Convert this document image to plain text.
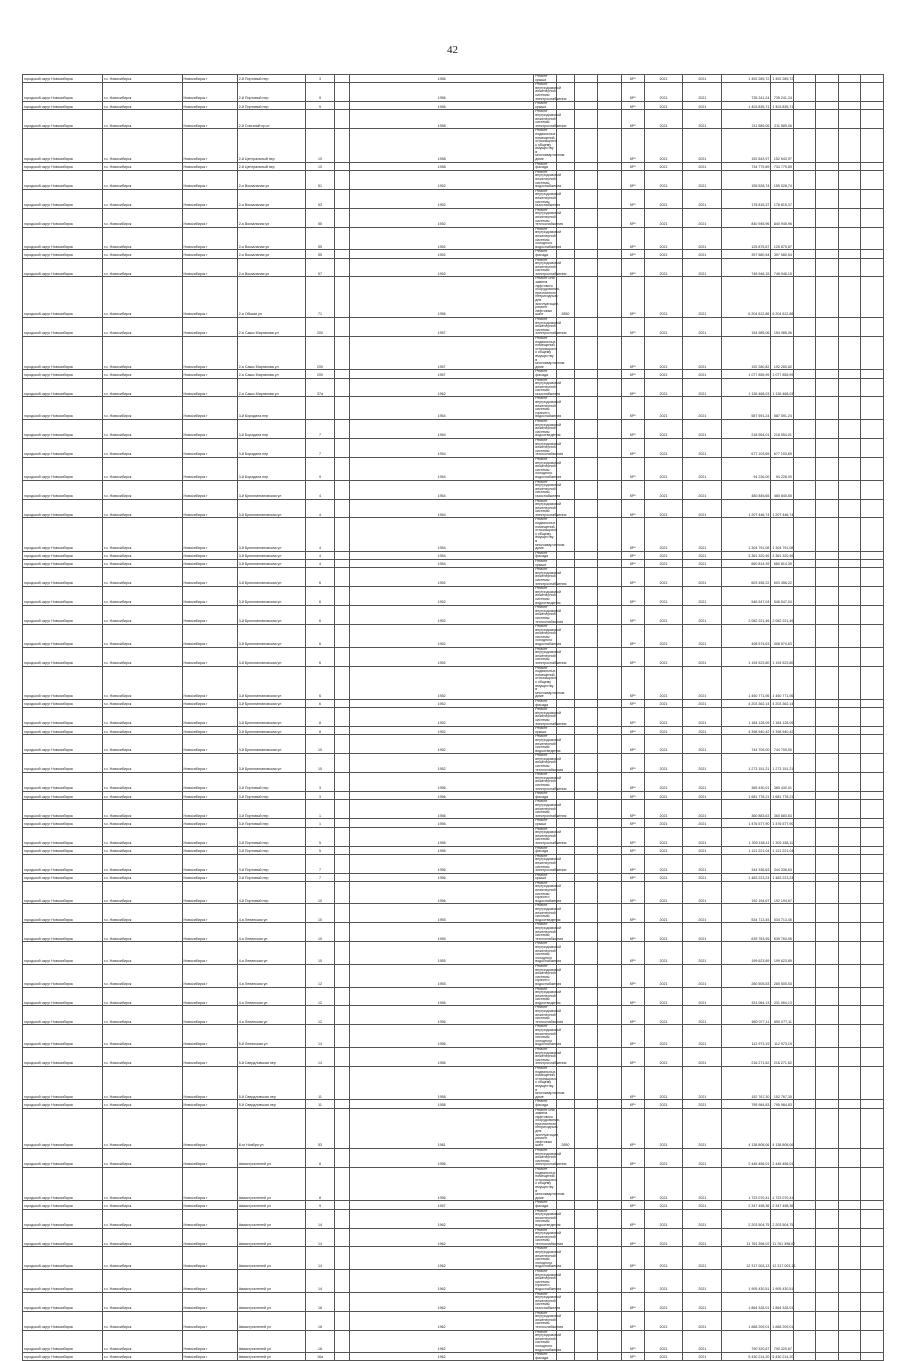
42
городской округ Новосибирск	г.о. Новосибирск	Новосибирск г	2-й Портовый пер	3		1956	Ремонт крыши				КР*	2021	2021	1 492 289,72	1 492 289,72				
городской округ Новосибирск	г.о. Новосибирск	Новосибирск г	2-й Портовый пер	9		1956	Ремонт внутридомовой инженерной системы электроснабжения				КР*	2021	2021	735 241,24	735 241,24				
городской округ Новосибирск	г.о. Новосибирск	Новосибирск г	2-й Портовый пер	9		1956	Ремонт крыши				КР*	2021	2021	1 403 835,71	1 403 835,71				
городской округ Новосибирск	г.о. Новосибирск	Новосибирск г	2-й Союзный пр-кт			1958	Ремонт внутридомовой инженерной системы электроснабжения				КР*	2021	2021	211 589,06	211 589,06				
городской округ Новосибирск	г.о. Новосибирск	Новосибирск г	2-й Центральный пер	10		1958	Ремонт подвальных помещений, относящихся к общему имуществу в многоквартирном доме				КР*	2021	2021	152 643,97	152 643,97				
городской округ Новосибирск	г.о. Новосибирск	Новосибирск г	2-й Центральный пер	10		1958	Ремонт фасада				КР*	2021	2021	734 779,89	734 779,89				
городской округ Новосибирск	г.о. Новосибирск	Новосибирск г	2-я Вокзальная ул	51		1952	Ремонт внутридомовой инженерной системы водоснабжения				КР*	2021	2021	155 528,74	155 528,74				
городской округ Новосибирск	г.о. Новосибирск	Новосибирск г	2-я Вокзальная ул	53		1952	Ремонт внутридомовой инженерной системы газоснабжения				КР*	2021	2021	178 815,37	178 815,37				
городской округ Новосибирск	г.о. Новосибирск	Новосибирск г	2-я Вокзальная ул	55		1952	Ремонт внутридомовой инженерной системы теплоснабжения				КР*	2021	2021	840 945,96	840 945,96				
городской округ Новосибирск	г.о. Новосибирск	Новосибирск г	2-я Вокзальная ул	55		1952	Ремонт внутридомовой инженерной системы холодного водоснабжения				КР*	2021	2021	125 875,87	125 875,87				
городской округ Новосибирск	г.о. Новосибирск	Новосибирск г	2-я Вокзальная ул	55		1952	Ремонт фасада				КР*	2021	2021	397 580,54	397 580,54				
городской округ Новосибирск	г.о. Новосибирск	Новосибирск г	2-я Вокзальная ул	57		1952	Ремонт внутридомовой инженерной системы электроснабжения				КР*	2021	2021	748 946,15	748 946,15				
городской округ Новосибирск	г.о. Новосибирск	Новосибирск г	2-я Обская ул	71		1956	Ремонт или замена лифтового оборудования, признанного непригодным для эксплуатации, ремонт лифтовых шахт	2850			КР*	2021	2021	6 204 512,86	6 204 512,86				
городской округ Новосибирск	г.о. Новосибирск	Новосибирск г	2-я Сакко Марганова ул	200		1957	Ремонт внутридомовой инженерной системы электроснабжения				КР*	2021	2021	154 985,06	154 985,06				
городской округ Новосибирск	г.о. Новосибирск	Новосибирск г	2-я Сакко Марганова ул	200		1957	Ремонт подвальных помещений, относящихся к общему имуществу в многоквартирном доме				КР*	2021	2021	192 280,82	192 280,82				
городской округ Новосибирск	г.о. Новосибирск	Новосибирск г	2-я Сакко Марганова ул	200		1957	Ремонт фасада				КР*	2021	2021	1 077 855,99	1 077 855,99				
городской округ Новосибирск	г.о. Новосибирск	Новосибирск г	2-я Сакко Марганова ул	37а		1962	Ремонт внутридомовой инженерной системы газоснабжения				КР*	2021	2021	1 136 468,03	1 136 468,03				
городской округ Новосибирск	г.о. Новосибирск	Новосибирск г	3-й Бородина пер			1954	Ремонт внутридомовой инженерной системы горячего водоснабжения				КР*	2021	2021	587 591,24	587 591,24				
городской округ Новосибирск	г.о. Новосибирск	Новосибирск г	3-й Бородина пер	7		1954	Ремонт внутридомовой инженерной системы водоотведения				КР*	2021	2021	218 954,01	218 954,01				
городской округ Новосибирск	г.о. Новосибирск	Новосибирск г	3-й Бородина пер	7		1954	Ремонт внутридомовой инженерной системы теплоснабжения				КР*	2021	2021	677 103,69	677 103,69				
городской округ Новосибирск	г.о. Новосибирск	Новосибирск г	3-й Бородина пер	9		1954	Ремонт внутридомовой инженерной системы холодного водоснабжения				КР*	2021	2021	94 226,00	94 226,00				
городской округ Новосибирск	г.о. Новосибирск	Новосибирск г	3-й Брюллингановская ул	4		1954	Ремонт внутридомовой инженерной системы газоснабжения				КР*	2021	2021	480 845,65	480 845,65				
городской округ Новосибирск	г.о. Новосибирск	Новосибирск г	3-й Брюллингановская ул	4		1954	Ремонт внутридомовой инженерной системы электроснабжения				КР*	2021	2021	1 207 446,74	1 207 446,74				
городской округ Новосибирск	г.о. Новосибирск	Новосибирск г	3-й Брюллингановская ул	4		1954	Ремонт подвальных помещений, относящихся к общему имуществу в многоквартирном доме				КР*	2021	2021	1 304 791,08	1 304 791,08				
городской округ Новосибирск	г.о. Новосибирск	Новосибирск г	3-й Брюллингановская ул	4		1954	Ремонт фасада				КР*	2021	2021	3 361 320,46	3 361 320,46				
городской округ Новосибирск	г.о. Новосибирск	Новосибирск г	3-й Брюллингановская ул	4		1954	Ремонт крыши				КР*	2021	2021	660 814,39	660 814,39				
городской округ Новосибирск	г.о. Новосибирск	Новосибирск г	3-й Брюллингановская ул	6		1952	Ремонт внутридомовой инженерной системы электроснабжения				КР*	2021	2021	603 456,22	603 456,22				
городской округ Новосибирск	г.о. Новосибирск	Новосибирск г	3-й Брюллингановская ул	6		1952	Ремонт внутридомовой инженерной системы водоотведения				КР*	2021	2021	546 547,04	546 547,04				
городской округ Новосибирск	г.о. Новосибирск	Новосибирск г	3-й Брюллингановская ул	6		1952	Ремонт внутридомовой инженерной системы теплоснабжения				КР*	2021	2021	2 082 221,46	2 082 221,46				
городской округ Новосибирск	г.о. Новосибирск	Новосибирск г	3-й Брюллингановская ул	6		1952	Ремонт внутридомовой инженерной системы холодного водоснабжения				КР*	2021	2021	408 574,63	408 574,63				
городской округ Новосибирск	г.о. Новосибирск	Новосибирск г	3-й Брюллингановская ул	6		1952	Ремонт внутридомовой инженерной системы электроснабжения				КР*	2021	2021	1 194 523,80	1 194 523,80				
городской округ Новосибирск	г.о. Новосибирск	Новосибирск г	3-й Брюллингановская ул	6		1952	Ремонт подвальных помещений, относящихся к общему имуществу в многоквартирном доме				КР*	2021	2021	1 450 771,06	1 450 771,06				
городской округ Новосибирск	г.о. Новосибирск	Новосибирск г	3-й Брюллингановская ул	6		1952	Ремонт фасада				КР*	2021	2021	4 203 362,14	4 203 362,14				
городской округ Новосибирск	г.о. Новосибирск	Новосибирск г	3-й Брюллингановская ул	8		1952	Ремонт внутридомовой инженерной системы электроснабжения				КР*	2021	2021	1 184 128,09	1 184 128,09				
городской округ Новосибирск	г.о. Новосибирск	Новосибирск г	3-й Брюллингановская ул	8		1952	Ремонт крыши				КР*	2021	2021	4 398 940,42	4 398 940,42				
городской округ Новосибирск	г.о. Новосибирск	Новосибирск г	3-й Брюллингановская ул	10		1952	Ремонт внутридомовой инженерной системы водоотведения				КР*	2021	2021	744 709,00	744 709,00				
городской округ Новосибирск	г.о. Новосибирск	Новосибирск г	3-й Брюллингановская ул	10		1952	Ремонт внутридомовой инженерной системы теплоснабжения				КР*	2021	2021	1 273 151,21	1 273 151,21				
городской округ Новосибирск	г.о. Новосибирск	Новосибирск г	3-й Портовый пер	3		1956	Ремонт внутридомовой инженерной системы электроснабжения				КР*	2021	2021	365 430,01	365 430,01				
городской округ Новосибирск	г.о. Новосибирск	Новосибирск г	3-й Портовый пер	3		1956	Ремонт фасада				КР*	2021	2021	1 681 778,21	1 681 778,21				
городской округ Новосибирск	г.о. Новосибирск	Новосибирск г	3-й Портовый пер	1		1956	Ремонт внутридомовой инженерной системы электроснабжения				КР*	2021	2021	360 883,63	360 883,63				
городской округ Новосибирск	г.о. Новосибирск	Новосибирск г	3-й Портовый пер	1		1956	Ремонт крыши				КР*	2021	2021	1 476 577,90	1 476 577,90				
городской округ Новосибирск	г.о. Новосибирск	Новосибирск г	3-й Портовый пер	5		1956	Ремонт внутридомовой инженерной системы электроснабжения				КР*	2021	2021	1 309 158,11	1 309 158,11				
городской округ Новосибирск	г.о. Новосибирск	Новосибирск г	3-й Портовый пер	5		1956	Ремонт фасада				КР*	2021	2021	1 121 221,04	1 121 221,04				
городской округ Новосибирск	г.о. Новосибирск	Новосибирск г	3-й Портовый пер	7		1956	Ремонт внутридомовой инженерной системы электроснабжения				КР*	2021	2021	344 336,63	344 336,63				
городской округ Новосибирск	г.о. Новосибирск	Новосибирск г	3-й Портовый пер	7		1956	Ремонт крыши				КР*	2021	2021	1 483 223,24	1 483 223,24				
городской округ Новосибирск	г.о. Новосибирск	Новосибирск г	4-й Портовый пер	10		1956	Ремонт внутридомовой инженерной системы горячего водоснабжения				КР*	2021	2021	192 194,67	192 194,67				
городской округ Новосибирск	г.о. Новосибирск	Новосибирск г	4-я Ленинская ул	10		1955	Ремонт внутридомовой инженерной системы водоотведения				КР*	2021	2021	534 713,45	534 713,45				
городской округ Новосибирск	г.о. Новосибирск	Новосибирск г	4-я Ленинская ул	10		1955	Ремонт внутридомовой инженерной системы теплоснабжения				КР*	2021	2021	639 763,95	639 763,95				
городской округ Новосибирск	г.о. Новосибирск	Новосибирск г	4-я Ленинская ул	10		1955	Ремонт внутридомовой инженерной системы холодного водоснабжения				КР*	2021	2021	199 623,89	199 623,89				
городской округ Новосибирск	г.о. Новосибирск	Новосибирск г	4-я Ленинская ул	12		1955	Ремонт внутридомовой инженерной системы горячего водоснабжения				КР*	2021	2021	280 505,53	280 505,53				
городской округ Новосибирск	г.о. Новосибирск	Новосибирск г	4-я Ленинская ул	12		1956	Ремонт внутридомовой инженерной системы водоотведения				КР*	2021	2021	331 064,13	331 064,13				
городской округ Новосибирск	г.о. Новосибирск	Новосибирск г	4-я Ленинская ул	12		1956	Ремонт внутридомовой инженерной системы теплоснабжения				КР*	2021	2021	650 077,11	650 077,11				
городской округ Новосибирск	г.о. Новосибирск	Новосибирск г	5-й Ленинская ул	14		1956	Ремонт внутридомовой инженерной системы холодного водоснабжения				КР*	2021	2021	112 973,19	112 973,19				
городской округ Новосибирск	г.о. Новосибирск	Новосибирск г	5-й Свердловская пер	14		1956	Ремонт внутридомовой инженерной системы электроснабжения				КР*	2021	2021	216 271,62	216 271,62				
городской округ Новосибирск	г.о. Новосибирск	Новосибирск г	5-й Свердловская пер	11		1958	Ремонт подвальных помещений, относящихся к общему имуществу в многоквартирном доме				КР*	2021	2021	152 767,30	152 767,30				
городской округ Новосибирск	г.о. Новосибирск	Новосибирск г	5-й Свердловская пер	11		1958	Ремонт фасада				КР*	2021	2021	795 984,83	795 984,83				
городской округ Новосибирск	г.о. Новосибирск	Новосибирск г	8-го Ноября ул	53		1981	Ремонт или замена лифтового оборудования, признанного непригодным для эксплуатации, ремонт лифтовых шахт	2850			КР*	2021	2021	4 138 808,06	4 138 808,06				
городской округ Новосибирск	г.о. Новосибирск	Новосибирск г	Авиастроителей ул	8		1956	Ремонт внутридомовой инженерной системы электроснабжения				КР*	2021	2021	2 445 456,01	2 445 456,01				
городской округ Новосибирск	г.о. Новосибирск	Новосибирск г	Авиастроителей ул	8		1956	Ремонт подвальных помещений, относящихся к общему имуществу в многоквартирном доме				КР*	2021	2021	1 723 070,41	1 723 070,41				
городской округ Новосибирск	г.о. Новосибирск	Новосибирск г	Авиастроителей ул	9		1957	Ремонт фасада				КР*	2021	2021	2 347 498,36	2 347 498,36				
городской округ Новосибирск	г.о. Новосибирск	Новосибирск г	Авиастроителей ул	14		1962	Ремонт внутридомовой инженерной системы водоотведения				КР*	2021	2021	2 203 504,75	2 203 504,75				
городской округ Новосибирск	г.о. Новосибирск	Новосибирск г	Авиастроителей ул	14		1962	Ремонт внутридомовой инженерной системы теплоснабжения				КР*	2021	2021	11 761 398,02	11 761 398,02				
городской округ Новосибирск	г.о. Новосибирск	Новосибирск г	Авиастроителей ул	14		1962	Ремонт внутридомовой инженерной системы холодного водоснабжения				КР*	2021	2021	12 317 003,13	12 317 003,13				
городской округ Новосибирск	г.о. Новосибирск	Новосибирск г	Авиастроителей ул	14		1962	Ремонт внутридомовой инженерной системы горячего водоснабжения				КР*	2021	2021	1 905 430,51	1 905 430,51				
городской округ Новосибирск	г.о. Новосибирск	Новосибирск г	Авиастроителей ул	16		1962	Ремонт внутридомовой инженерной системы газоснабжения				КР*	2021	2021	1 864 328,01	1 864 328,01				
городской округ Новосибирск	г.о. Новосибирск	Новосибирск г	Авиастроителей ул	16		1962	Ремонт внутридомовой инженерной системы теплоснабжения				КР*	2021	2021	1 868 209,01	1 868 209,01				
городской округ Новосибирск	г.о. Новосибирск	Новосибирск г	Авиастроителей ул	16		1962	Ремонт внутридомовой инженерной системы холодного водоснабжения				КР*	2021	2021	790 320,67	790 320,67				
городской округ Новосибирск	г.о. Новосибирск	Новосибирск г	Авиастроителей ул	16а		1962	Ремонт фасада				КР*	2021	2021	5 430 214,20	5 430 214,20				
